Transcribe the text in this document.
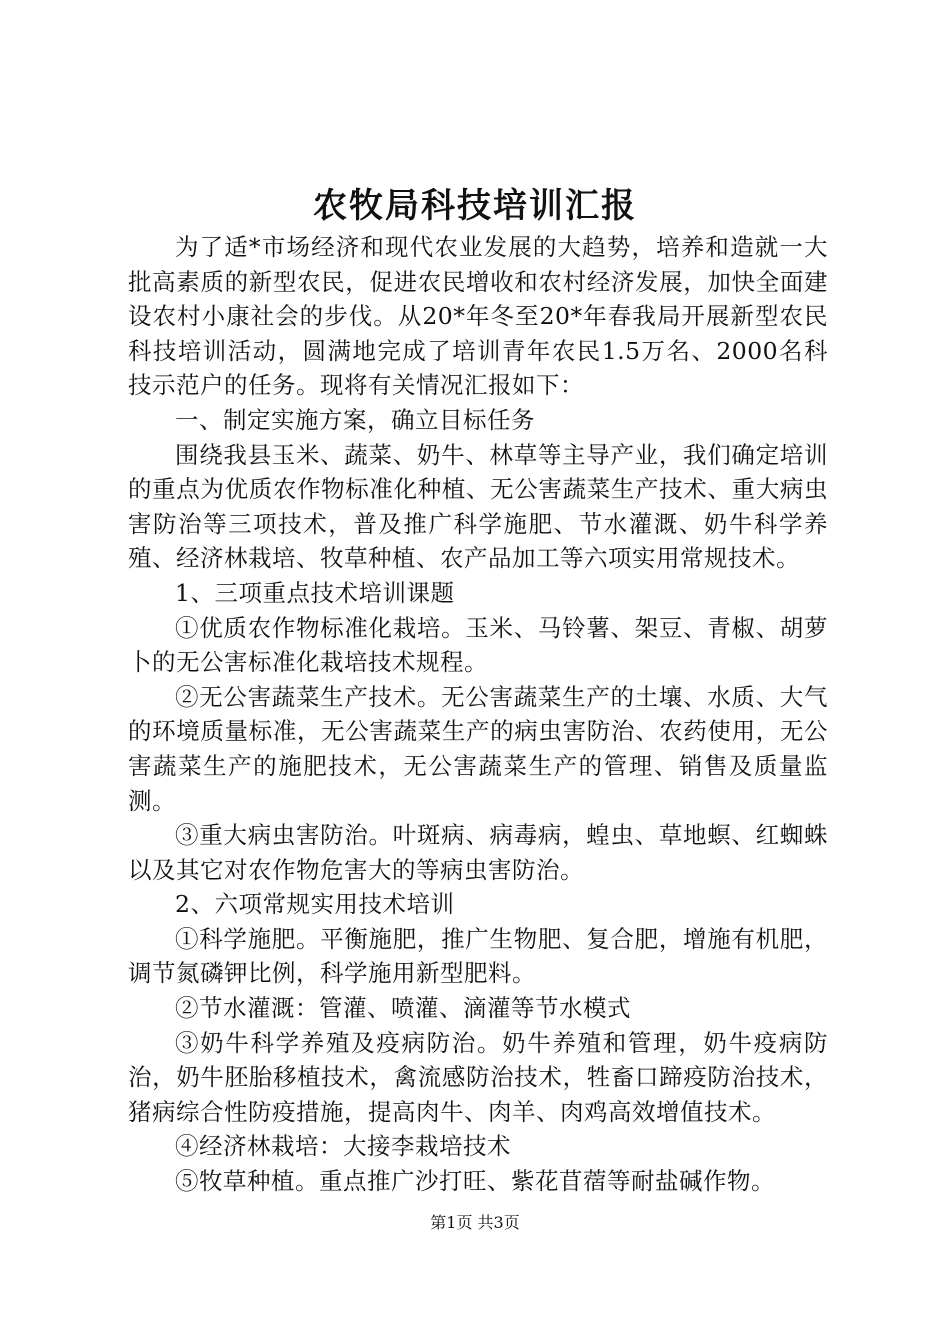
农牧局科技培训汇报

为了适*市场经济和现代农业发展的大趋势，培养和造就一大批高素质的新型农民，促进农民增收和农村经济发展，加快全面建设农村小康社会的步伐。从20*年冬至20*年春我局开展新型农民科技培训活动，圆满地完成了培训青年农民1.5万名、2000名科技示范户的任务。现将有关情况汇报如下：

一、制定实施方案，确立目标任务

围绕我县玉米、蔬菜、奶牛、林草等主导产业，我们确定培训的重点为优质农作物标准化种植、无公害蔬菜生产技术、重大病虫害防治等三项技术，普及推广科学施肥、节水灌溉、奶牛科学养殖、经济林栽培、牧草种植、农产品加工等六项实用常规技术。

1、三项重点技术培训课题

①优质农作物标准化栽培。玉米、马铃薯、架豆、青椒、胡萝卜的无公害标准化栽培技术规程。

②无公害蔬菜生产技术。无公害蔬菜生产的土壤、水质、大气的环境质量标准，无公害蔬菜生产的病虫害防治、农药使用，无公害蔬菜生产的施肥技术，无公害蔬菜生产的管理、销售及质量监测。

③重大病虫害防治。叶斑病、病毒病，蝗虫、草地螟、红蜘蛛以及其它对农作物危害大的等病虫害防治。

2、六项常规实用技术培训

①科学施肥。平衡施肥，推广生物肥、复合肥，增施有机肥，调节氮磷钾比例，科学施用新型肥料。

②节水灌溉：管灌、喷灌、滴灌等节水模式

③奶牛科学养殖及疫病防治。奶牛养殖和管理，奶牛疫病防治，奶牛胚胎移植技术，禽流感防治技术，牲畜口蹄疫防治技术，猪病综合性防疫措施，提高肉牛、肉羊、肉鸡高效增值技术。

④经济林栽培：大接李栽培技术

⑤牧草种植。重点推广沙打旺、紫花苜蓿等耐盐碱作物。

第1页 共3页
